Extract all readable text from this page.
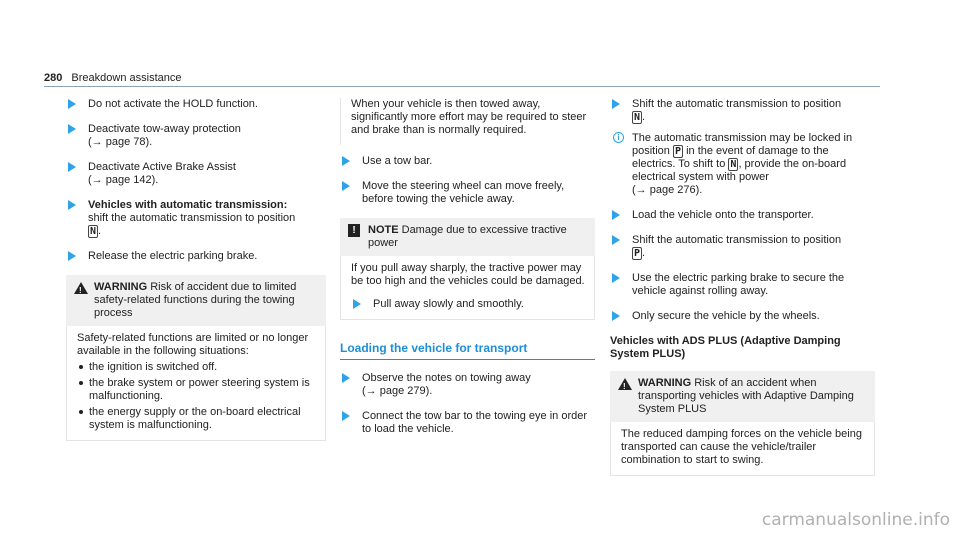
280 Breakdown assistance
Do not activate the HOLD function.
Deactivate tow-away protection
(→ page 78).
Deactivate Active Brake Assist
(→ page 142).
Vehicles with automatic transmission:
shift the automatic transmission to position
N .
Release the electric parking brake.
! WARNING Risk of accident due to limited safety-related functions during the towing process
Safety-related functions are limited or no longer available in the following situations:
the ignition is switched off.
the brake system or power steering system is malfunctioning.
the energy supply or the on-board electrical system is malfunctioning.
When your vehicle is then towed away, significantly more effort may be required to steer and brake than is normally required.
Use a tow bar.
Move the steering wheel can move freely, before towing the vehicle away.
!	NOTE Damage due to excessive tractive power
If you pull away sharply, the tractive power may be too high and the vehicles could be damaged.
Pull away slowly and smoothly.
Loading the vehicle for transport
Observe the notes on towing away
(→ page 279).
Connect the tow bar to the towing eye in order to load the vehicle.
Shift the automatic transmission to position
N .
i	The automatic transmission may be locked in position P in the event of damage to the electrics. To shift to N , provide the on-board electrical system with power
(→ page 276).
Load the vehicle onto the transporter.
Shift the automatic transmission to position
P .
Use the electric parking brake to secure the vehicle against rolling away.
Only secure the vehicle by the wheels.
Vehicles with ADS PLUS (Adaptive Damping System PLUS)
! WARNING Risk of an accident when transporting vehicles with Adaptive Damping System PLUS
The reduced damping forces on the vehicle being transported can cause the vehicle/trailer combination to start to swing.
carmanualsonline.info
